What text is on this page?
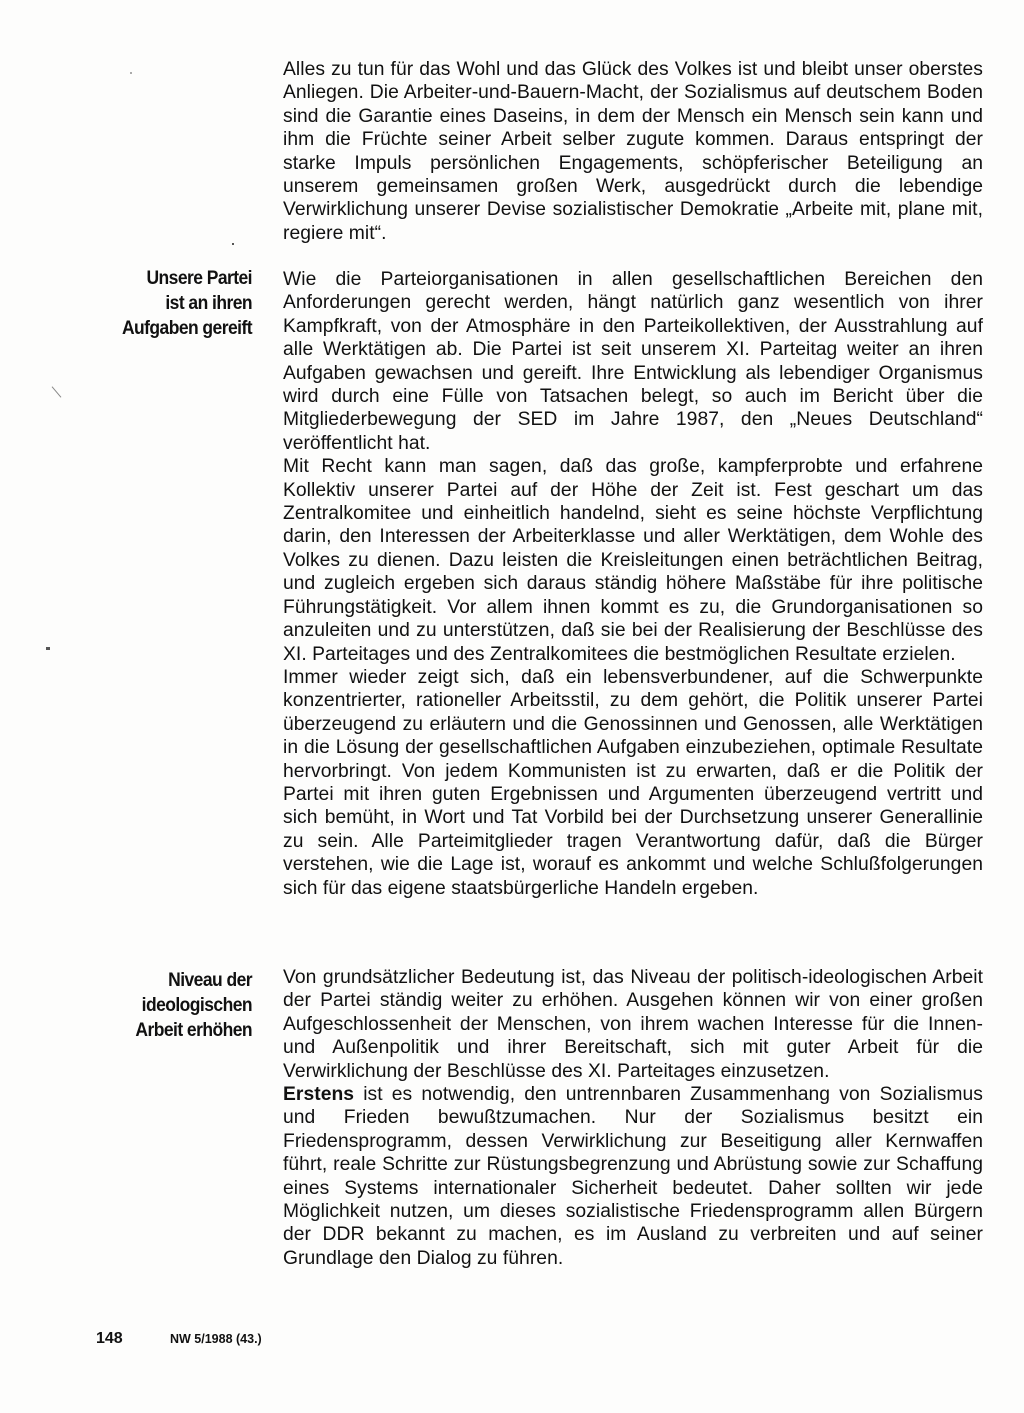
Alles zu tun für das Wohl und das Glück des Volkes ist und bleibt unser oberstes Anliegen. Die Arbeiter-und-Bauern-Macht, der Sozialismus auf deutschem Boden sind die Garantie eines Daseins, in dem der Mensch ein Mensch sein kann und ihm die Früchte seiner Arbeit selber zugute kommen. Daraus entspringt der starke Impuls persönlichen Engagements, schöpferischer Beteiligung an unserem gemeinsamen großen Werk, ausgedrückt durch die lebendige Verwirklichung unserer Devise sozialistischer Demokratie „Arbeite mit, plane mit, regiere mit“.

Unsere Partei
ist an ihren
Aufgaben gereift

Wie die Parteiorganisationen in allen gesellschaftlichen Bereichen den Anforderungen gerecht werden, hängt natürlich ganz wesentlich von ihrer Kampfkraft, von der Atmosphäre in den Parteikollektiven, der Ausstrahlung auf alle Werktätigen ab. Die Partei ist seit unserem XI. Parteitag weiter an ihren Aufgaben gewachsen und gereift. Ihre Entwicklung als lebendiger Organismus wird durch eine Fülle von Tatsachen belegt, so auch im Bericht über die Mitgliederbewegung der SED im Jahre 1987, den „Neues Deutschland“ veröffentlicht hat.

Mit Recht kann man sagen, daß das große, kampferprobte und erfahrene Kollektiv unserer Partei auf der Höhe der Zeit ist. Fest geschart um das Zentralkomitee und einheitlich handelnd, sieht es seine höchste Verpflichtung darin, den Interessen der Arbeiterklasse und aller Werktätigen, dem Wohle des Volkes zu dienen. Dazu leisten die Kreisleitungen einen beträchtlichen Beitrag, und zugleich ergeben sich daraus ständig höhere Maßstäbe für ihre politische Führungstätigkeit. Vor allem ihnen kommt es zu, die Grundorganisationen so anzuleiten und zu unterstützen, daß sie bei der Realisierung der Beschlüsse des XI. Parteitages und des Zentralkomitees die bestmöglichen Resultate erzielen.

Immer wieder zeigt sich, daß ein lebensverbundener, auf die Schwerpunkte konzentrierter, rationeller Arbeitsstil, zu dem gehört, die Politik unserer Partei überzeugend zu erläutern und die Genossinnen und Genossen, alle Werktätigen in die Lösung der gesellschaftlichen Aufgaben einzubeziehen, optimale Resultate hervorbringt. Von jedem Kommunisten ist zu erwarten, daß er die Politik der Partei mit ihren guten Ergebnissen und Argumenten überzeugend vertritt und sich bemüht, in Wort und Tat Vorbild bei der Durchsetzung unserer Generallinie zu sein. Alle Parteimitglieder tragen Verantwortung dafür, daß die Bürger verstehen, wie die Lage ist, worauf es ankommt und welche Schlußfolgerungen sich für das eigene staatsbürgerliche Handeln ergeben.

Niveau der
ideologischen
Arbeit erhöhen

Von grundsätzlicher Bedeutung ist, das Niveau der politisch-ideologischen Arbeit der Partei ständig weiter zu erhöhen. Ausgehen können wir von einer großen Aufgeschlossenheit der Menschen, von ihrem wachen Interesse für die Innen- und Außenpolitik und ihrer Bereitschaft, sich mit guter Arbeit für die Verwirklichung der Beschlüsse des XI. Parteitages einzusetzen.

Erstens ist es notwendig, den untrennbaren Zusammenhang von Sozialismus und Frieden bewußtzumachen. Nur der Sozialismus besitzt ein Friedensprogramm, dessen Verwirklichung zur Beseitigung aller Kernwaffen führt, reale Schritte zur Rüstungsbegrenzung und Abrüstung sowie zur Schaffung eines Systems internationaler Sicherheit bedeutet. Daher sollten wir jede Möglichkeit nutzen, um dieses sozialistische Friedensprogramm allen Bürgern der DDR bekannt zu machen, es im Ausland zu verbreiten und auf seiner Grundlage den Dialog zu führen.

148	NW 5/1988 (43.)
